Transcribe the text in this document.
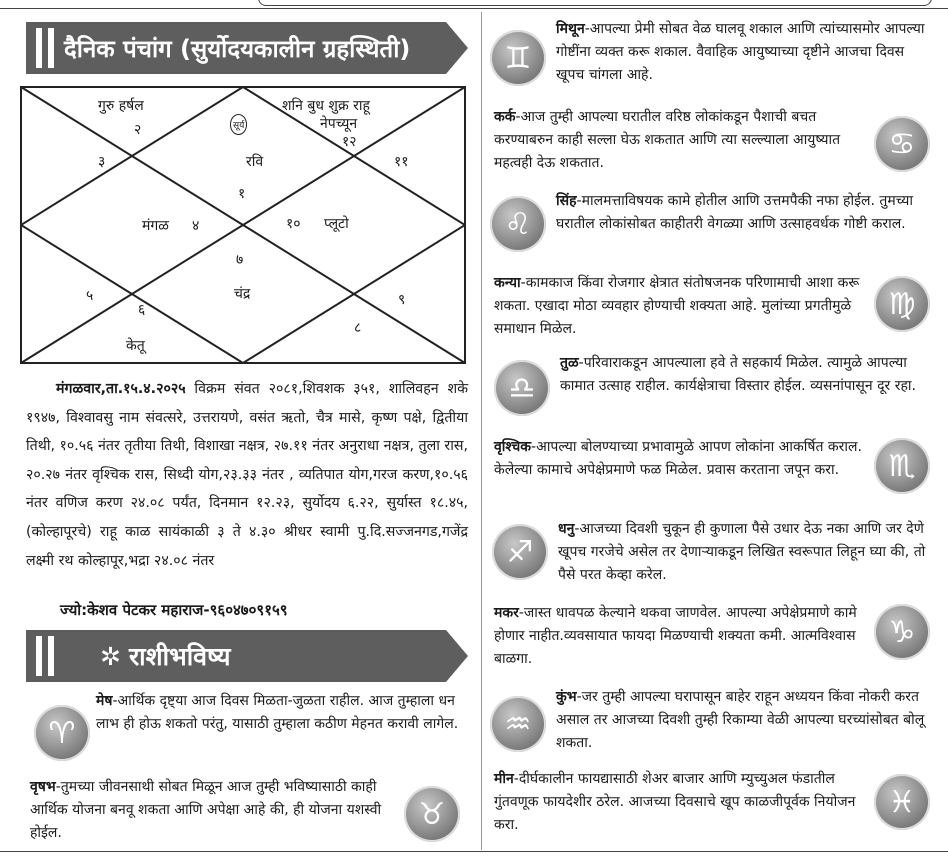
दैनिक पंचांग (सुर्योदयकालीन ग्रहस्थिती)
गुरु हर्षल
२	सूर्य
शनि बुध शुक्र राहू
नेपच्यून
१२
३	रवि	११
१
मंगळ ४	१० प्लूटो
७
चंद्र
५
६
९
८
केतू
मंगळवार,ता.१५.४.२०२५ विक्रम संवत २०८१,शिवशक ३५१, शालिवहन शके १९४७, विश्वावसु नाम संवत्सरे, उत्तरायणे, वसंत ऋतो, चैत्र मासे, कृष्ण पक्षे, द्वितीया तिथी, १०.५६ नंतर तृतीया तिथी, विशाखा नक्षत्र, २७.११ नंतर अनुराधा नक्षत्र, तुला रास, २०.२७ नंतर वृश्चिक रास, सिध्दी योग,२३.३३ नंतर , व्यतिपात योग,गरज करण,१०.५६ नंतर वणिज करण २४.०८ पर्यंत, दिनमान १२.२३, सुर्योदय ६.२२, सुर्यास्त १८.४५,(कोल्हापूरचे) राहू काळ सायंकाळी ३ ते ४.३० श्रीधर स्वामी पु.दि.सज्जनगड,गजेंद्र लक्ष्मी रथ कोल्हापूर,भद्रा २४.०८ नंतर
ज्यो:केशव पेटकर महाराज-९६०४७०९१५९
✲ राशीभविष्य
♈
मेष-आर्थिक दृष्ट्या आज दिवस मिळता-जुळता राहील. आज तुम्हाला धन लाभ ही होऊ शकतो परंतु, यासाठी तुम्हाला कठीण मेहनत करावी लागेल.
♉
वृषभ-तुमच्या जीवनसाथी सोबत मिळून आज तुम्ही भविष्यासाठी काही आर्थिक योजना बनवू शकता आणि अपेक्षा आहे की, ही योजना यशस्वी होईल.
♊
मिथून-आपल्या प्रेमी सोबत वेळ घालवू शकाल आणि त्यांच्यासमोर आपल्या गोष्टींना व्यक्त करू शकाल. वैवाहिक आयुष्याच्या दृष्टीने आजचा दिवस खूपच चांगला आहे.
♋
कर्क-आज तुम्ही आपल्या घरातील वरिष्ठ लोकांकडून पैशाची बचत करण्याबरुन काही सल्ला घेऊ शकतात आणि त्या सल्ल्याला आयुष्यात महत्वही देऊ शकतात.
♌
सिंह-मालमत्ताविषयक कामे होतील आणि उत्तमपैकी नफा होईल. तुमच्या घरातील लोकांसोबत काहीतरी वेगळ्या आणि उत्साहवर्धक गोष्टी कराल.
♍
कन्या-कामकाज किंवा रोजगार क्षेत्रात संतोषजनक परिणामाची आशा करू शकता. एखादा मोठा व्यवहार होण्याची शक्यता आहे. मुलांच्या प्रगतीमुळे समाधान मिळेल.
♎
तुळ-परिवाराकडून आपल्याला हवे ते सहकार्य मिळेल. त्यामुळे आपल्या कामात उत्साह राहील. कार्यक्षेत्राचा विस्तार होईल. व्यसनांपासून दूर रहा.
♏
वृश्चिक-आपल्या बोलण्याच्या प्रभावामुळे आपण लोकांना आकर्षित कराल. केलेल्या कामाचे अपेक्षेप्रमाणे फळ मिळेल. प्रवास करताना जपून करा.
♐
धनु-आजच्या दिवशी चुकून ही कुणाला पैसे उधार देऊ नका आणि जर देणे खूपच गरजेचे असेल तर देणाऱ्याकडून लिखित स्वरूपात लिहून घ्या की, तो पैसे परत केव्हा करेल.
♑
मकर-जास्त धावपळ केल्याने थकवा जाणवेल. आपल्या अपेक्षेप्रमाणे कामे होणार नाहीत.व्यवसायात फायदा मिळण्याची शक्यता कमी. आत्मविश्वास बाळगा.
♒
कुंभ-जर तुम्ही आपल्या घरापासून बाहेर राहून अध्ययन किंवा नोकरी करत असाल तर आजच्या दिवशी तुम्ही रिकाम्या वेळी आपल्या घरच्यांसोबत बोलू शकता.
♓
मीन-दीर्घकालीन फायद्यासाठी शेअर बाजार आणि म्युच्युअल फंडातील गुंतवणूक फायदेशीर ठरेल. आजच्या दिवसाचे खूप काळजीपूर्वक नियोजन करा.
